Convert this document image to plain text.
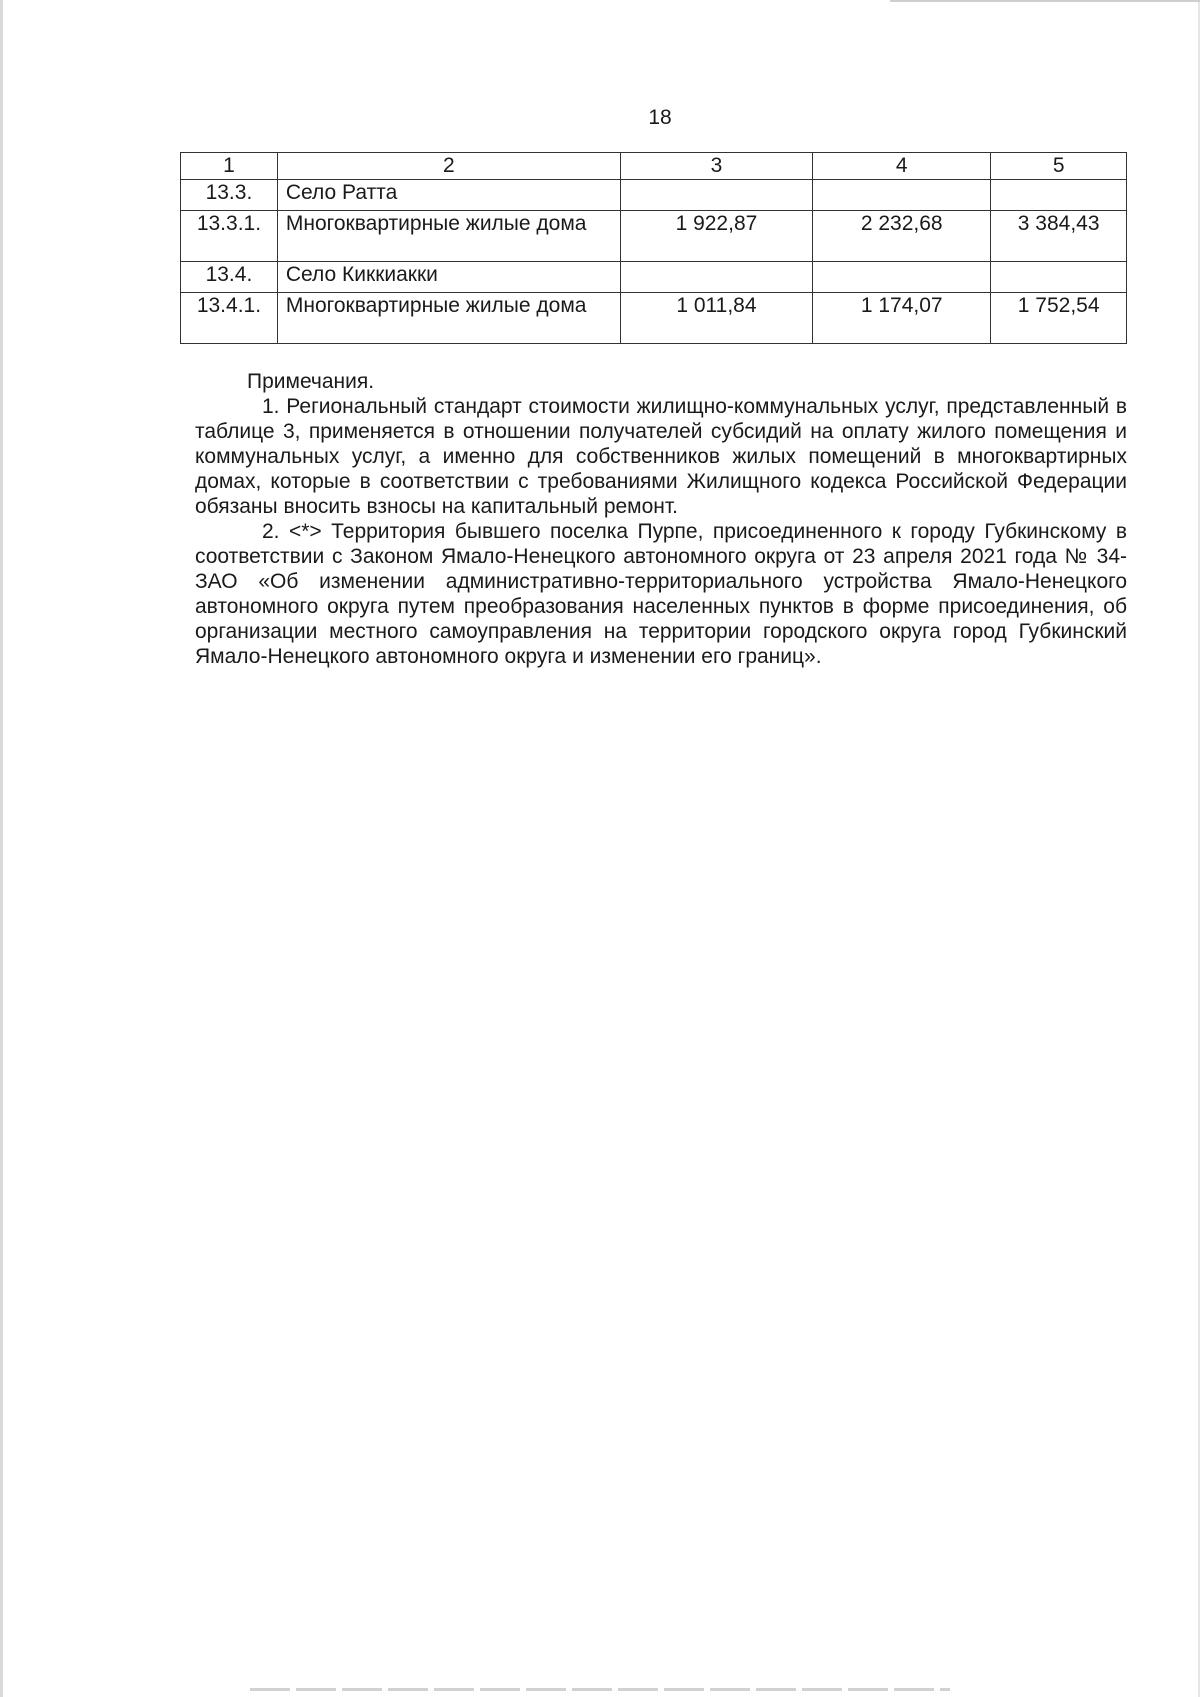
18
1	2	3	4	5
13.3.	Село Ратта			
13.3.1.	Многоквартирные жилые дома	1 922,87	2 232,68	3 384,43
13.4.	Село Киккиакки			
13.4.1.	Многоквартирные жилые дома	1 011,84	1 174,07	1 752,54

Примечания.

1. Региональный стандарт стоимости жилищно-коммунальных услуг, представленный в таблице 3, применяется в отношении получателей субсидий на оплату жилого помещения и коммунальных услуг, а именно для собственников жилых помещений в многоквартирных домах, которые в соответствии с требованиями Жилищного кодекса Российской Федерации обязаны вносить взносы на капитальный ремонт.

2. <*> Территория бывшего поселка Пурпе, присоединенного к городу Губкинскому в соответствии с Законом Ямало-Ненецкого автономного округа от 23 апреля 2021 года № 34-ЗАО «Об изменении административно-территориального устройства Ямало-Ненецкого автономного округа путем преобразования населенных пунктов в форме присоединения, об организации местного самоуправления на территории городского округа город Губкинский Ямало-Ненецкого автономного округа и изменении его границ».
